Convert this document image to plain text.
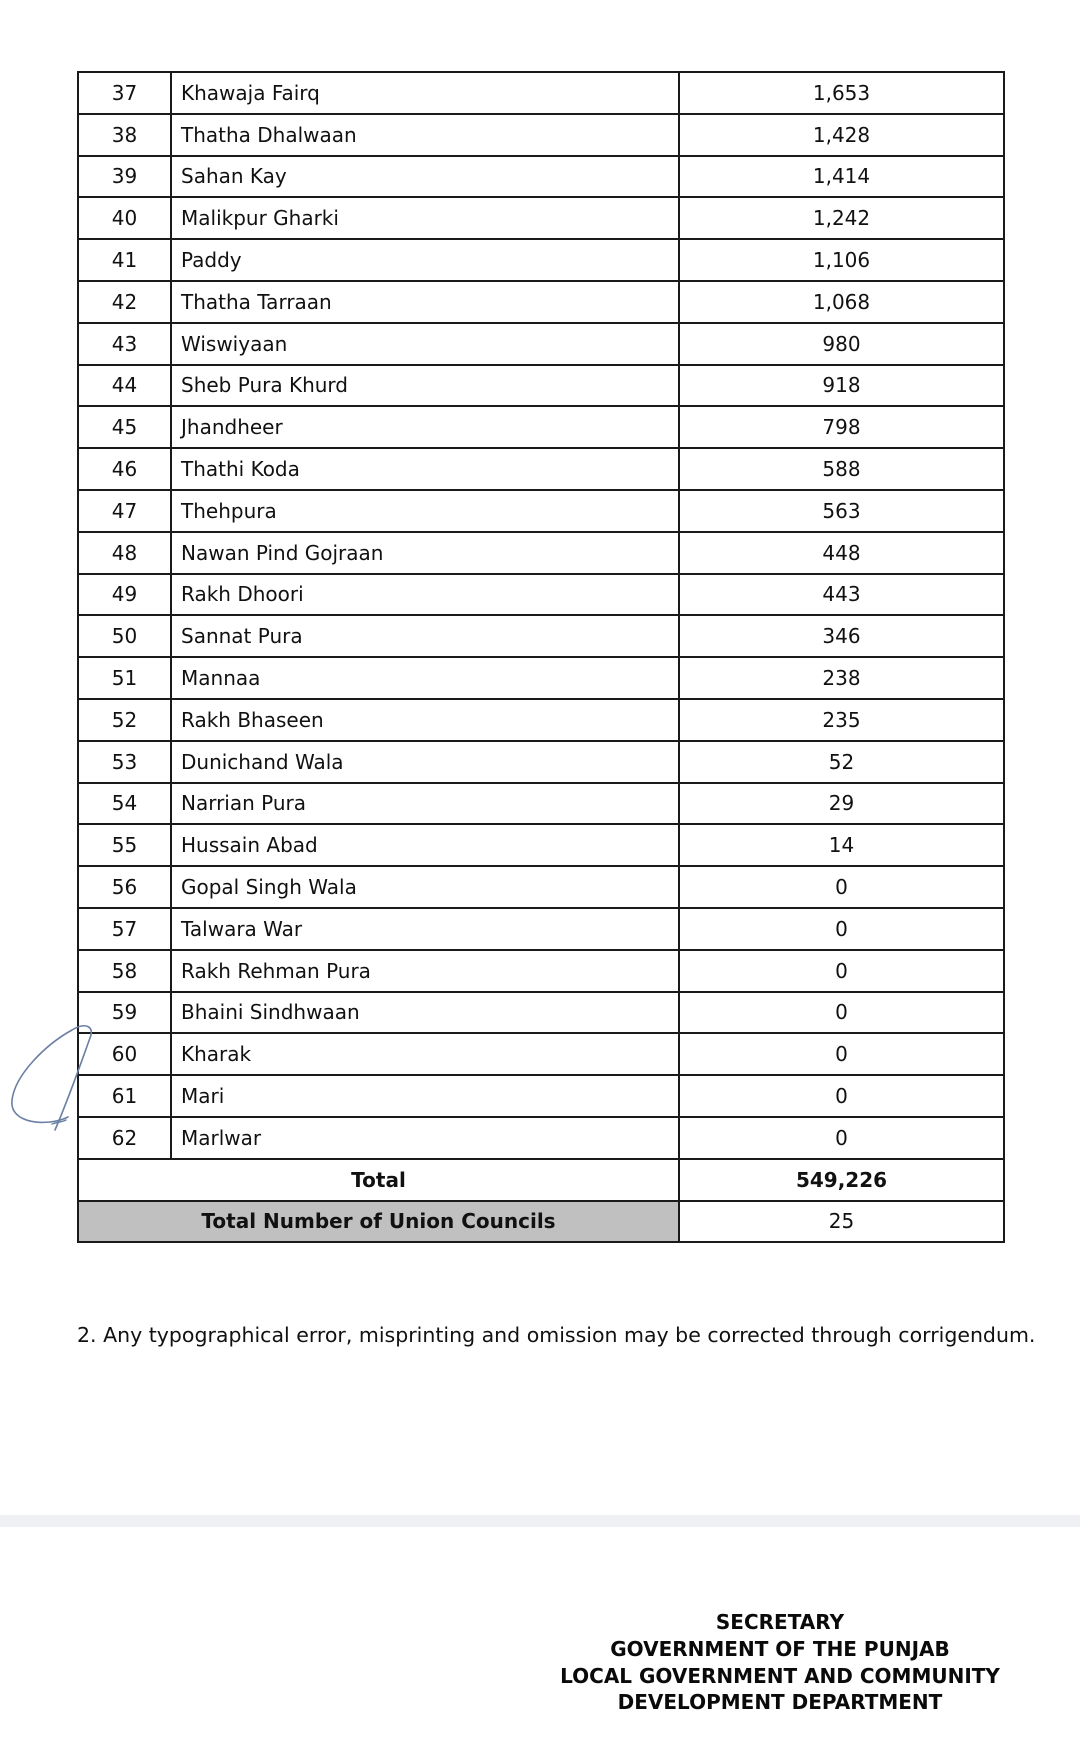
37	Khawaja Fairq	1,653
38	Thatha Dhalwaan	1,428
39	Sahan Kay	1,414
40	Malikpur Gharki	1,242
41	Paddy	1,106
42	Thatha Tarraan	1,068
43	Wiswiyaan	980
44	Sheb Pura Khurd	918
45	Jhandheer	798
46	Thathi Koda	588
47	Thehpura	563
48	Nawan Pind Gojraan	448
49	Rakh Dhoori	443
50	Sannat Pura	346
51	Mannaa	238
52	Rakh Bhaseen	235
53	Dunichand Wala	52
54	Narrian Pura	29
55	Hussain Abad	14
56	Gopal Singh Wala	0
57	Talwara War	0
58	Rakh Rehman Pura	0
59	Bhaini Sindhwaan	0
60	Kharak	0
61	Mari	0
62	Marlwar	0
Total		549,226
Total Number of Union Councils		25
2. Any typographical error, misprinting and omission may be corrected through corrigendum.
SECRETARY
GOVERNMENT OF THE PUNJAB
LOCAL GOVERNMENT AND COMMUNITY
DEVELOPMENT DEPARTMENT
